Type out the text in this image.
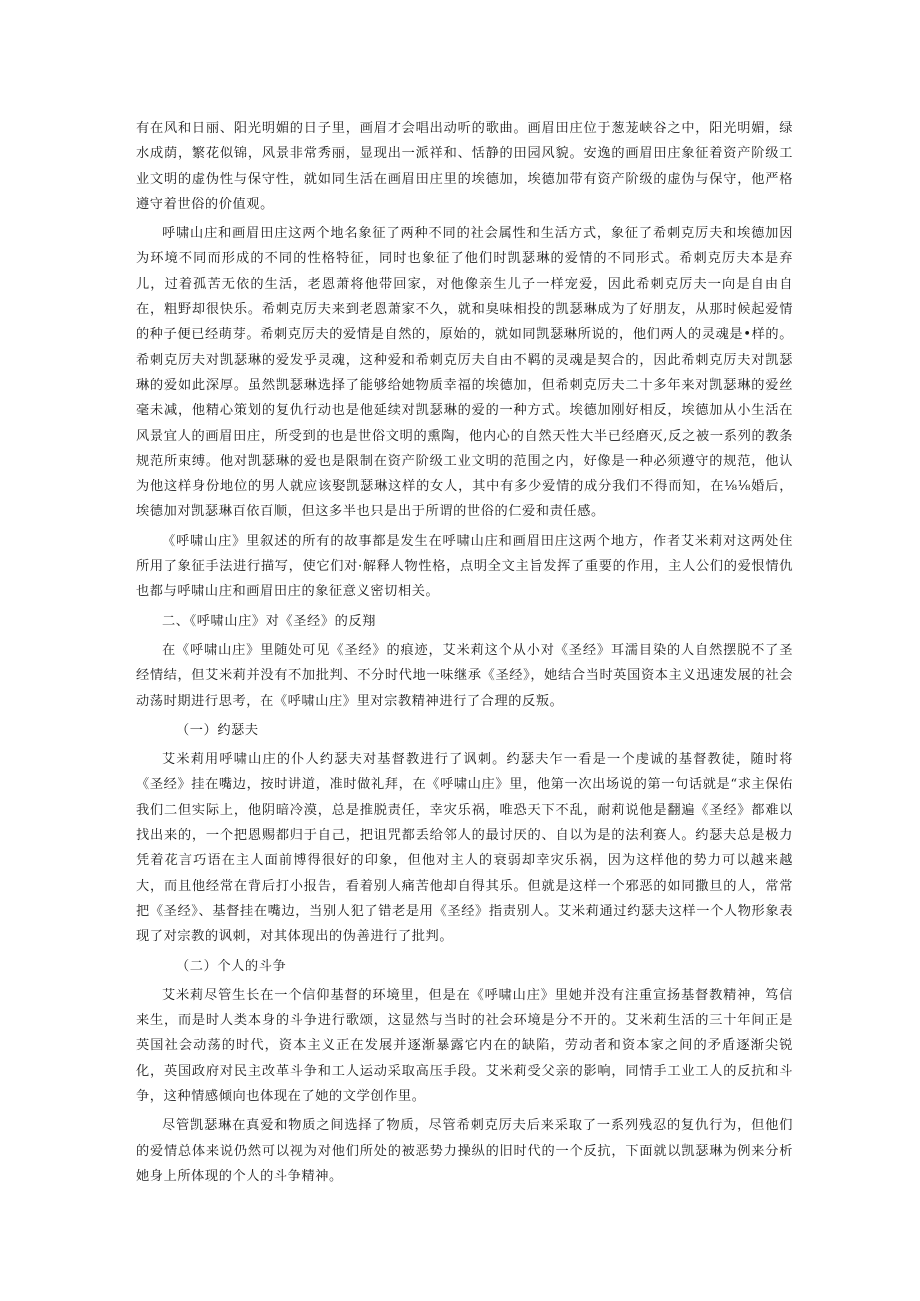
有在风和日丽、阳光明媚的日子里，画眉才会唱出动听的歌曲。画眉田庄位于葱茏峡谷之中，阳光明媚，绿水成荫，繁花似锦，风景非常秀丽，显现出一派祥和、恬静的田园风貌。安逸的画眉田庄象征着资产阶级工业文明的虚伪性与保守性，就如同生活在画眉田庄里的埃德加，埃德加带有资产阶级的虚伪与保守，他严格遵守着世俗的价值观。

呼啸山庄和画眉田庄这两个地名象征了两种不同的社会属性和生活方式，象征了希刺克厉夫和埃德加因为环境不同而形成的不同的性格特征，同时也象征了他们时凯瑟琳的爱情的不同形式。希刺克厉夫本是弃儿，过着孤苦无依的生活，老恩萧将他带回家，对他像亲生儿子一样宠爱，因此希刺克厉夫一向是自由自在，粗野却很快乐。希刺克厉夫来到老恩萧家不久，就和臭味相投的凯瑟琳成为了好朋友，从那时候起爱情的种子便已经萌芽。希刺克厉夫的爱情是自然的，原始的，就如同凯瑟琳所说的，他们两人的灵魂是•样的。希刺克厉夫对凯瑟琳的爱发乎灵魂，这种爱和希刺克厉夫自由不羁的灵魂是契合的，因此希刺克厉夫对凯瑟琳的爱如此深厚。虽然凯瑟琳选择了能够给她物质幸福的埃德加，但希刺克厉夫二十多年来对凯瑟琳的爱丝毫未减，他精心策划的复仇行动也是他延续对凯瑟琳的爱的一种方式。埃德加刚好相反，埃德加从小生活在风景宜人的画眉田庄，所受到的也是世俗文明的熏陶，他内心的自然天性大半已经磨灭,反之被一系列的教条规范所束缚。他对凯瑟琳的爱也是限制在资产阶级工业文明的范围之内，好像是一种必须遵守的规范，他认为他这样身份地位的男人就应该娶凯瑟琳这样的女人，其中有多少爱情的成分我们不得而知，在⅛⅛婚后，埃德加对凯瑟琳百依百顺，但这多半也只是出于所谓的世俗的仁爱和责任感。

《呼啸山庄》里叙述的所有的故事都是发生在呼啸山庄和画眉田庄这两个地方，作者艾米莉对这两处住所用了象征手法进行描写，使它们对·解释人物性格，点明全文主旨发挥了重要的作用，主人公们的爱恨情仇也都与呼啸山庄和画眉田庄的象征意义密切相关。

二、《呼啸山庄》对《圣经》的反翔

在《呼啸山庄》里随处可见《圣经》的痕迹，艾米莉这个从小对《圣经》耳濡目染的人自然摆脱不了圣经情结，但艾米莉并没有不加批判、不分时代地一味继承《圣经》，她结合当时英国资本主义迅速发展的社会动荡时期进行思考，在《呼啸山庄》里对宗教精神进行了合理的反叛。

（一）约瑟夫

艾米莉用呼啸山庄的仆人约瑟夫对基督教进行了讽刺。约瑟夫乍一看是一个虔诚的基督教徒，随时将《圣经》挂在嘴边，按时讲道，准时做礼拜，在《呼啸山庄》里，他第一次出场说的第一句话就是“求主保佑我们二但实际上，他阴暗冷漠，总是推脱责任，幸灾乐祸，唯恐天下不乱，耐莉说他是翻遍《圣经》都难以找出来的，一个把恩赐都归于自己，把诅咒都丢给邻人的最讨厌的、自以为是的法利赛人。约瑟夫总是极力凭着花言巧语在主人面前博得很好的印象，但他对主人的衰弱却幸灾乐祸，因为这样他的势力可以越来越大，而且他经常在背后打小报告，看着别人痛苦他却自得其乐。但就是这样一个邪恶的如同撒旦的人，常常把《圣经》、基督挂在嘴边，当别人犯了错老是用《圣经》指责别人。艾米莉通过约瑟夫这样一个人物形象表现了对宗教的讽刺，对其体现出的伪善进行了批判。

（二）个人的斗争

艾米莉尽管生长在一个信仰基督的环境里，但是在《呼啸山庄》里她并没有注重宣扬基督教精神，笃信来生，而是时人类本身的斗争进行歌颂，这显然与当时的社会环境是分不开的。艾米莉生活的三十年间正是英国社会动荡的时代，资本主义正在发展并逐渐暴露它内在的缺陷，劳动者和资本家之间的矛盾逐渐尖锐化，英国政府对民主改革斗争和工人运动采取高压手段。艾米莉受父亲的影响，同情手工业工人的反抗和斗争，这种情感倾向也体现在了她的文学创作里。

尽管凯瑟琳在真爱和物质之间选择了物质，尽管希刺克厉夫后来采取了一系列残忍的复仇行为，但他们的爱情总体来说仍然可以视为对他们所处的被恶势力操纵的旧时代的一个反抗，下面就以凯瑟琳为例来分析她身上所体现的个人的斗争精神。
